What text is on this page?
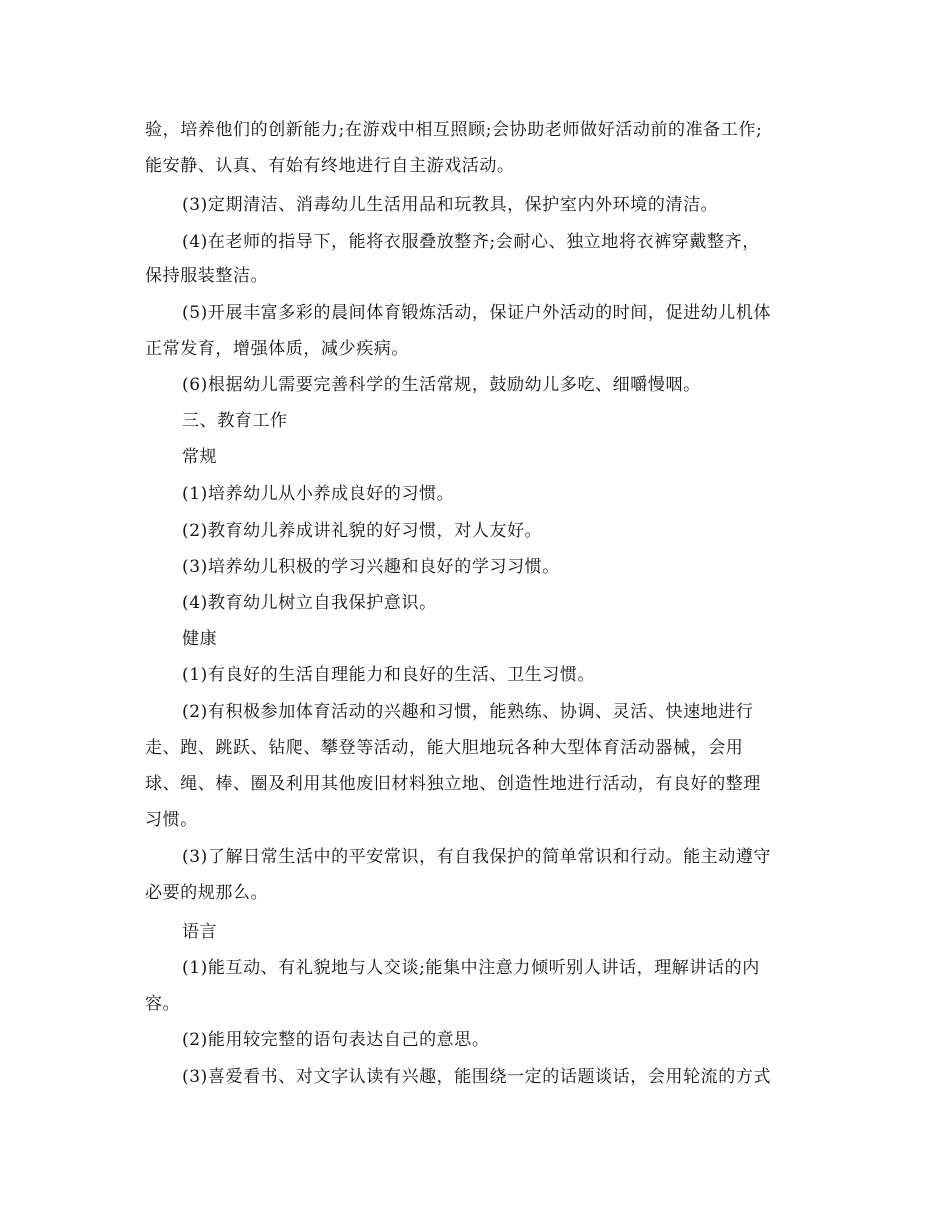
验，培养他们的创新能力;在游戏中相互照顾;会协助老师做好活动前的准备工作;
能安静、认真、有始有终地进行自主游戏活动。
(3)定期清洁、消毒幼儿生活用品和玩教具，保护室内外环境的清洁。
(4)在老师的指导下，能将衣服叠放整齐;会耐心、独立地将衣裤穿戴整齐，
保持服装整洁。
(5)开展丰富多彩的晨间体育锻炼活动，保证户外活动的时间，促进幼儿机体
正常发育，增强体质，减少疾病。
(6)根据幼儿需要完善科学的生活常规，鼓励幼儿多吃、细嚼慢咽。
三、教育工作
常规
(1)培养幼儿从小养成良好的习惯。
(2)教育幼儿养成讲礼貌的好习惯，对人友好。
(3)培养幼儿积极的学习兴趣和良好的学习习惯。
(4)教育幼儿树立自我保护意识。
健康
(1)有良好的生活自理能力和良好的生活、卫生习惯。
(2)有积极参加体育活动的兴趣和习惯，能熟练、协调、灵活、快速地进行
走、跑、跳跃、钻爬、攀登等活动，能大胆地玩各种大型体育活动器械，会用
球、绳、棒、圈及利用其他废旧材料独立地、创造性地进行活动，有良好的整理
习惯。
(3)了解日常生活中的平安常识，有自我保护的简单常识和行动。能主动遵守
必要的规那么。
语言
(1)能互动、有礼貌地与人交谈;能集中注意力倾听别人讲话，理解讲话的内
容。
(2)能用较完整的语句表达自己的意思。
(3)喜爱看书、对文字认读有兴趣，能围绕一定的话题谈话，会用轮流的方式
